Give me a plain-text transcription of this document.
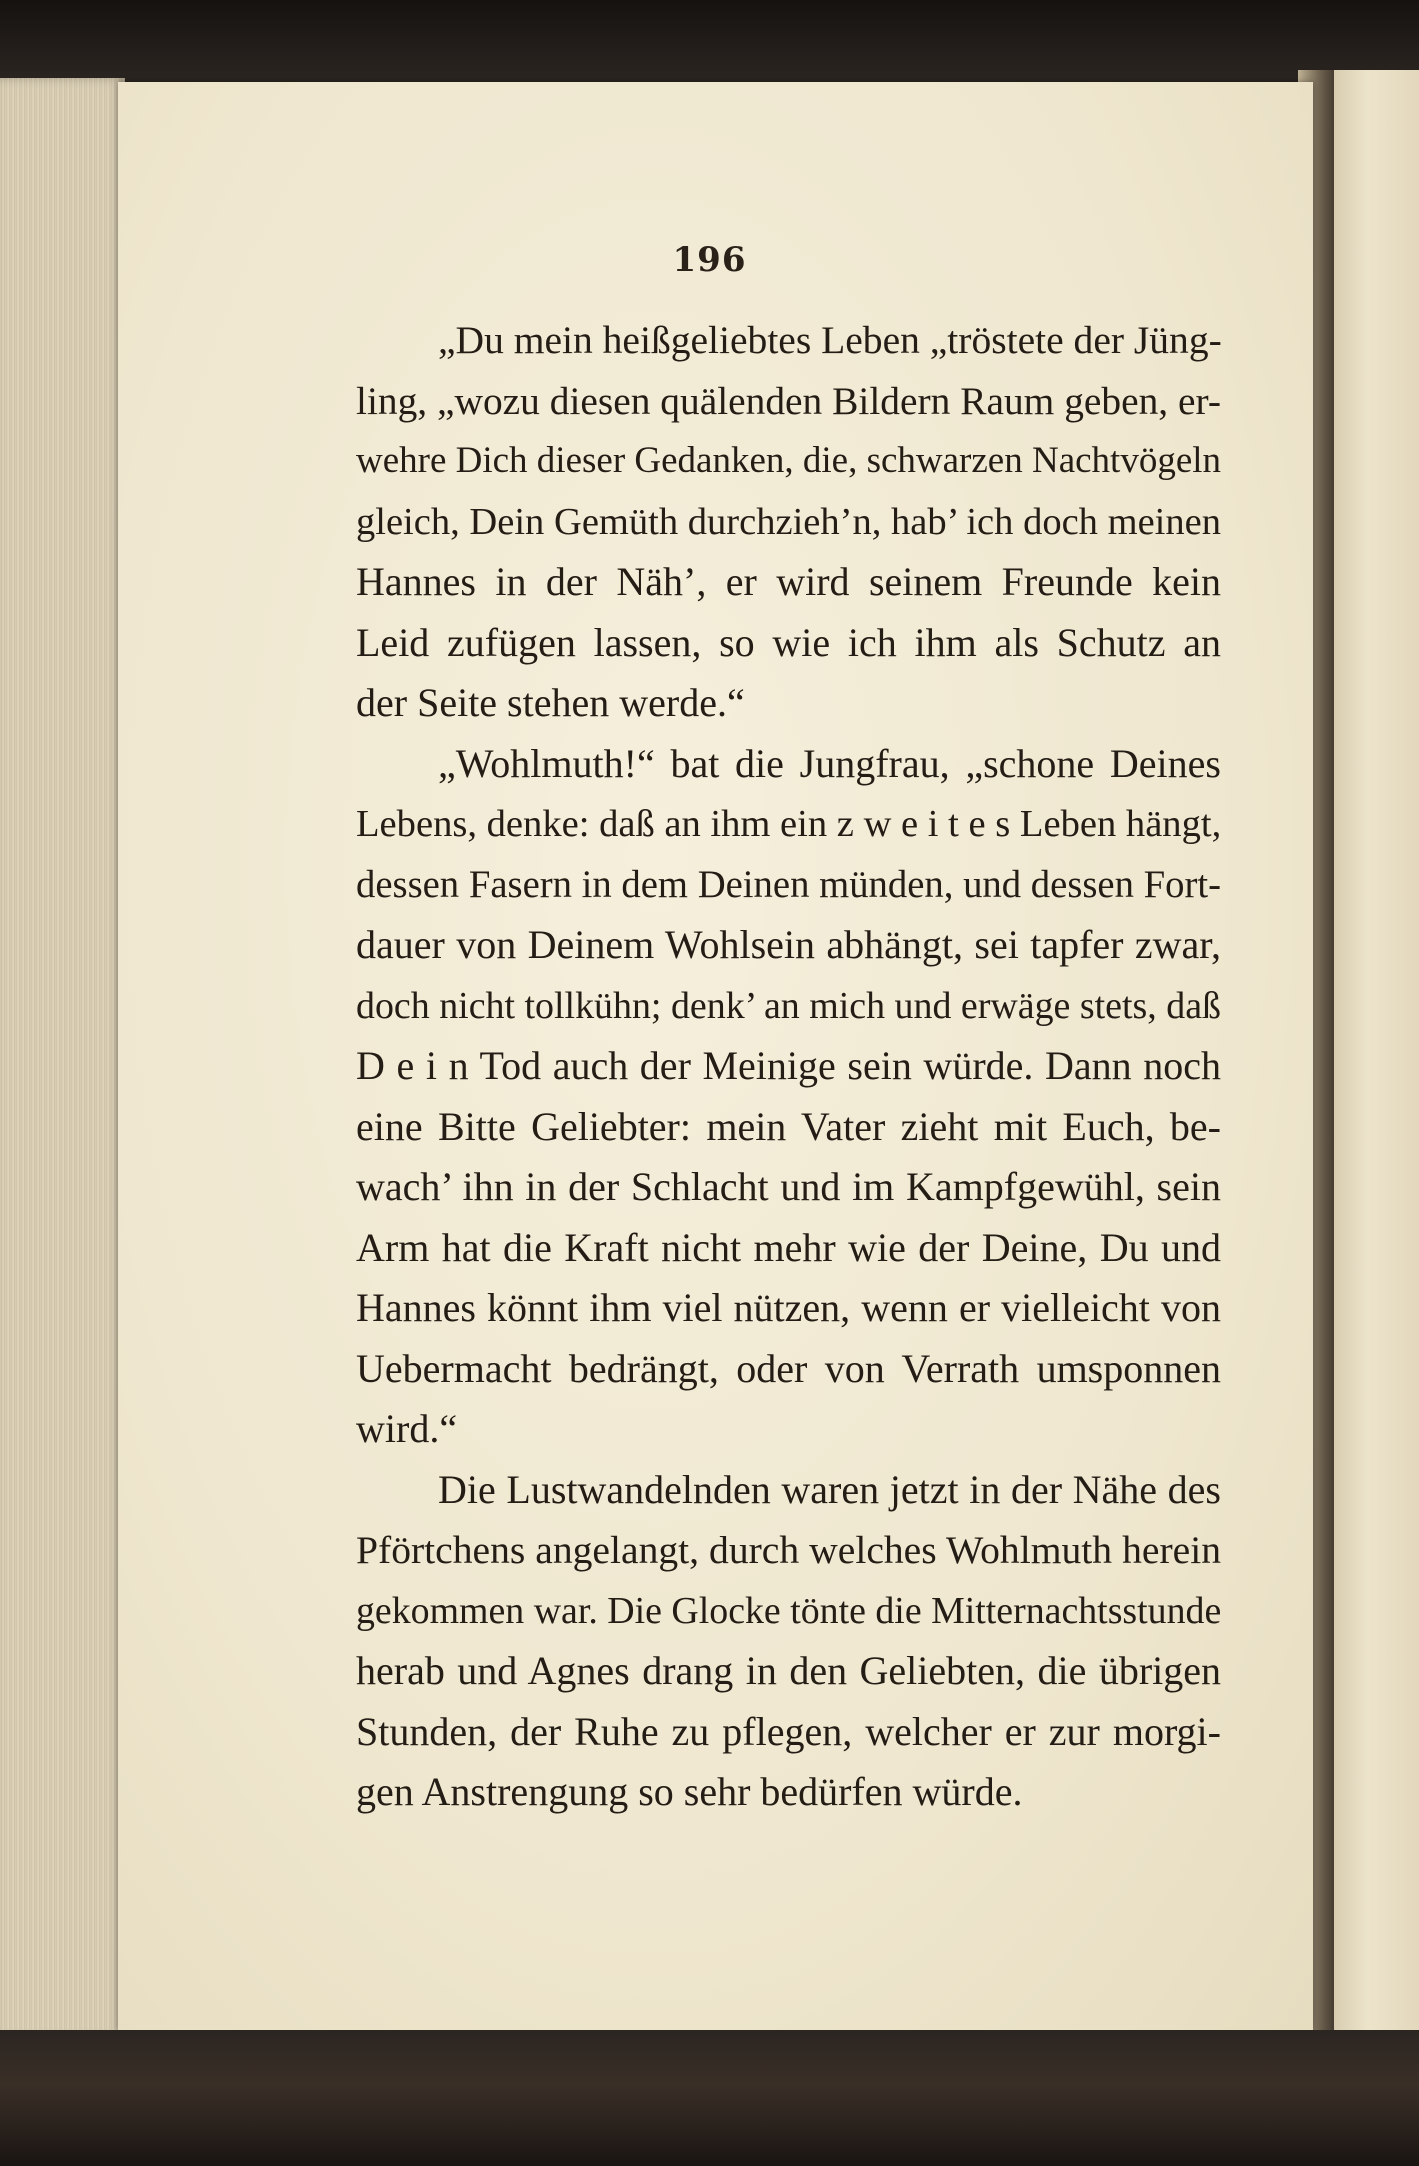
196
„Du mein heißgeliebtes Leben „tröstete der Jüng-
ling, „wozu diesen quälenden Bildern Raum geben, er-
wehre Dich dieser Gedanken, die, schwarzen Nachtvögeln
gleich, Dein Gemüth durchzieh’n, hab’ ich doch meinen
Hannes in der Näh’, er wird seinem Freunde kein
Leid zufügen lassen, so wie ich ihm als Schutz an
der Seite stehen werde.“
„Wohlmuth!“ bat die Jungfrau, „schone Deines
Lebens, denke: daß an ihm ein z w e i t e s Leben hängt,
dessen Fasern in dem Deinen münden, und dessen Fort-
dauer von Deinem Wohlsein abhängt, sei tapfer zwar,
doch nicht tollkühn; denk’ an mich und erwäge stets, daß
D e i n Tod auch der Meinige sein würde. Dann noch
eine Bitte Geliebter: mein Vater zieht mit Euch, be-
wach’ ihn in der Schlacht und im Kampfgewühl, sein
Arm hat die Kraft nicht mehr wie der Deine, Du und
Hannes könnt ihm viel nützen, wenn er vielleicht von
Uebermacht bedrängt, oder von Verrath umsponnen
wird.“
Die Lustwandelnden waren jetzt in der Nähe des
Pförtchens angelangt, durch welches Wohlmuth herein
gekommen war. Die Glocke tönte die Mitternachtsstunde
herab und Agnes drang in den Geliebten, die übrigen
Stunden, der Ruhe zu pflegen, welcher er zur morgi-
gen Anstrengung so sehr bedürfen würde.
